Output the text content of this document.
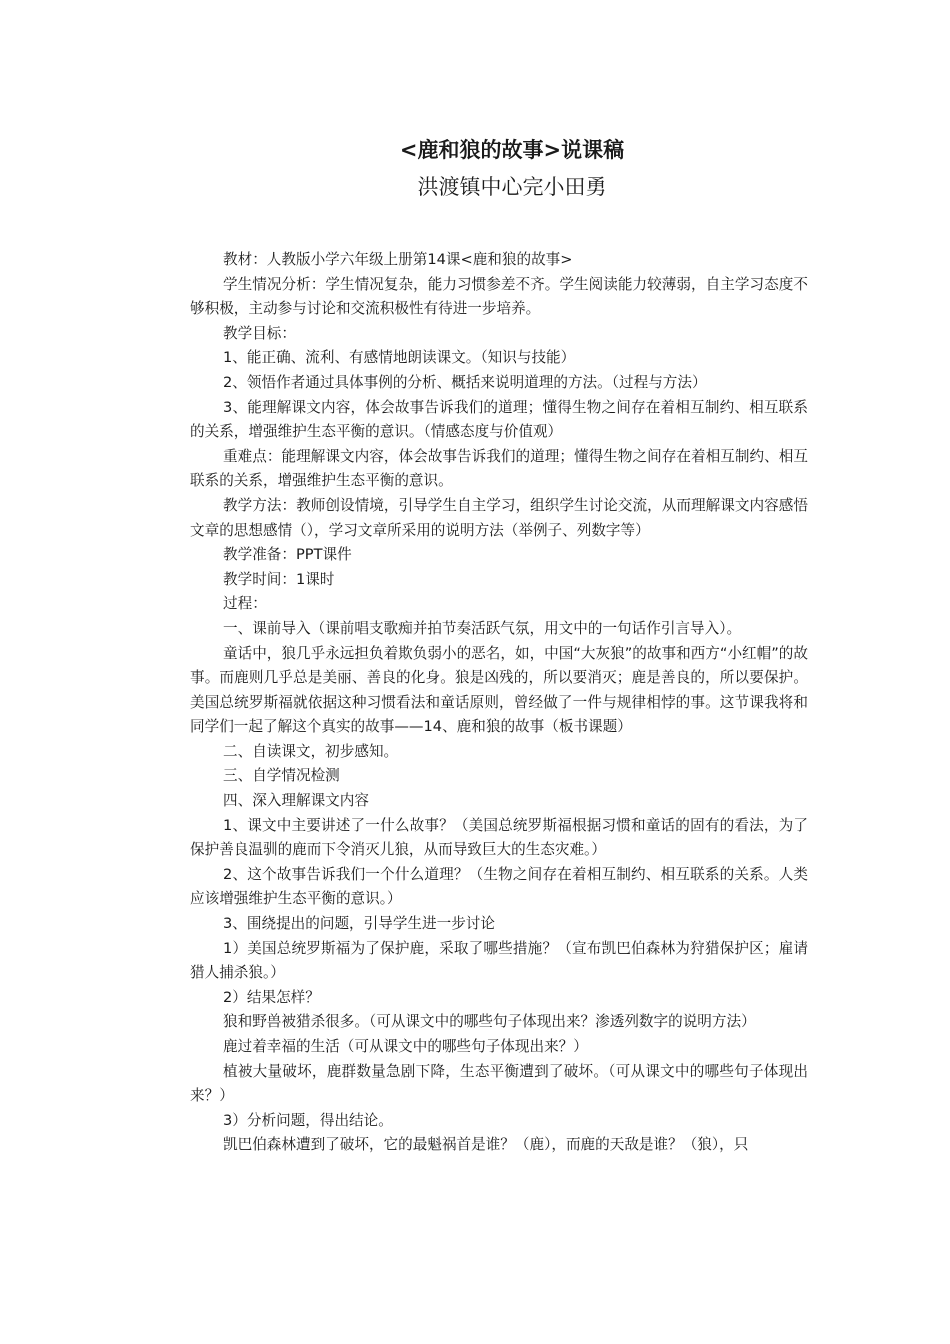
<鹿和狼的故事>说课稿
洪渡镇中心完小田勇

教材：人教版小学六年级上册第14课<鹿和狼的故事>

学生情况分析：学生情况复杂，能力习惯参差不齐。学生阅读能力较薄弱，自主学习态度不够积极，主动参与讨论和交流积极性有待进一步培养。

教学目标：

1、能正确、流利、有感情地朗读课文。（知识与技能）

2、领悟作者通过具体事例的分析、概括来说明道理的方法。（过程与方法）

3、能理解课文内容，体会故事告诉我们的道理；懂得生物之间存在着相互制约、相互联系的关系，增强维护生态平衡的意识。（情感态度与价值观）

重难点：能理解课文内容，体会故事告诉我们的道理；懂得生物之间存在着相互制约、相互联系的关系，增强维护生态平衡的意识。

教学方法：教师创设情境，引导学生自主学习，组织学生讨论交流，从而理解课文内容感悟文章的思想感情（），学习文章所采用的说明方法（举例子、列数字等）

教学准备：PPT课件

教学时间：1课时

过程：

一、课前导入（课前唱支歌痴并拍节奏活跃气氛，用文中的一句话作引言导入）。

童话中，狼几乎永远担负着欺负弱小的恶名，如，中国“大灰狼”的故事和西方“小红帽”的故事。而鹿则几乎总是美丽、善良的化身。狼是凶残的，所以要消灭；鹿是善良的，所以要保护。美国总统罗斯福就依据这种习惯看法和童话原则，曾经做了一件与规律相悖的事。这节课我将和同学们一起了解这个真实的故事——14、鹿和狼的故事（板书课题）

二、自读课文，初步感知。

三、自学情况检测

四、深入理解课文内容

1、课文中主要讲述了一什么故事？（美国总统罗斯福根据习惯和童话的固有的看法，为了保护善良温驯的鹿而下令消灭儿狼，从而导致巨大的生态灾难。）

2、这个故事告诉我们一个什么道理？（生物之间存在着相互制约、相互联系的关系。人类应该增强维护生态平衡的意识。）

3、围绕提出的问题，引导学生进一步讨论

1）美国总统罗斯福为了保护鹿，采取了哪些措施？（宣布凯巴伯森林为狩猎保护区；雇请猎人捕杀狼。）

2）结果怎样？

狼和野兽被猎杀很多。（可从课文中的哪些句子体现出来？渗透列数字的说明方法）

鹿过着幸福的生活（可从课文中的哪些句子体现出来？）

植被大量破坏，鹿群数量急剧下降，生态平衡遭到了破坏。（可从课文中的哪些句子体现出来？）

3）分析问题，得出结论。

凯巴伯森林遭到了破坏，它的最魁祸首是谁？（鹿），而鹿的天敌是谁？（狼），只
